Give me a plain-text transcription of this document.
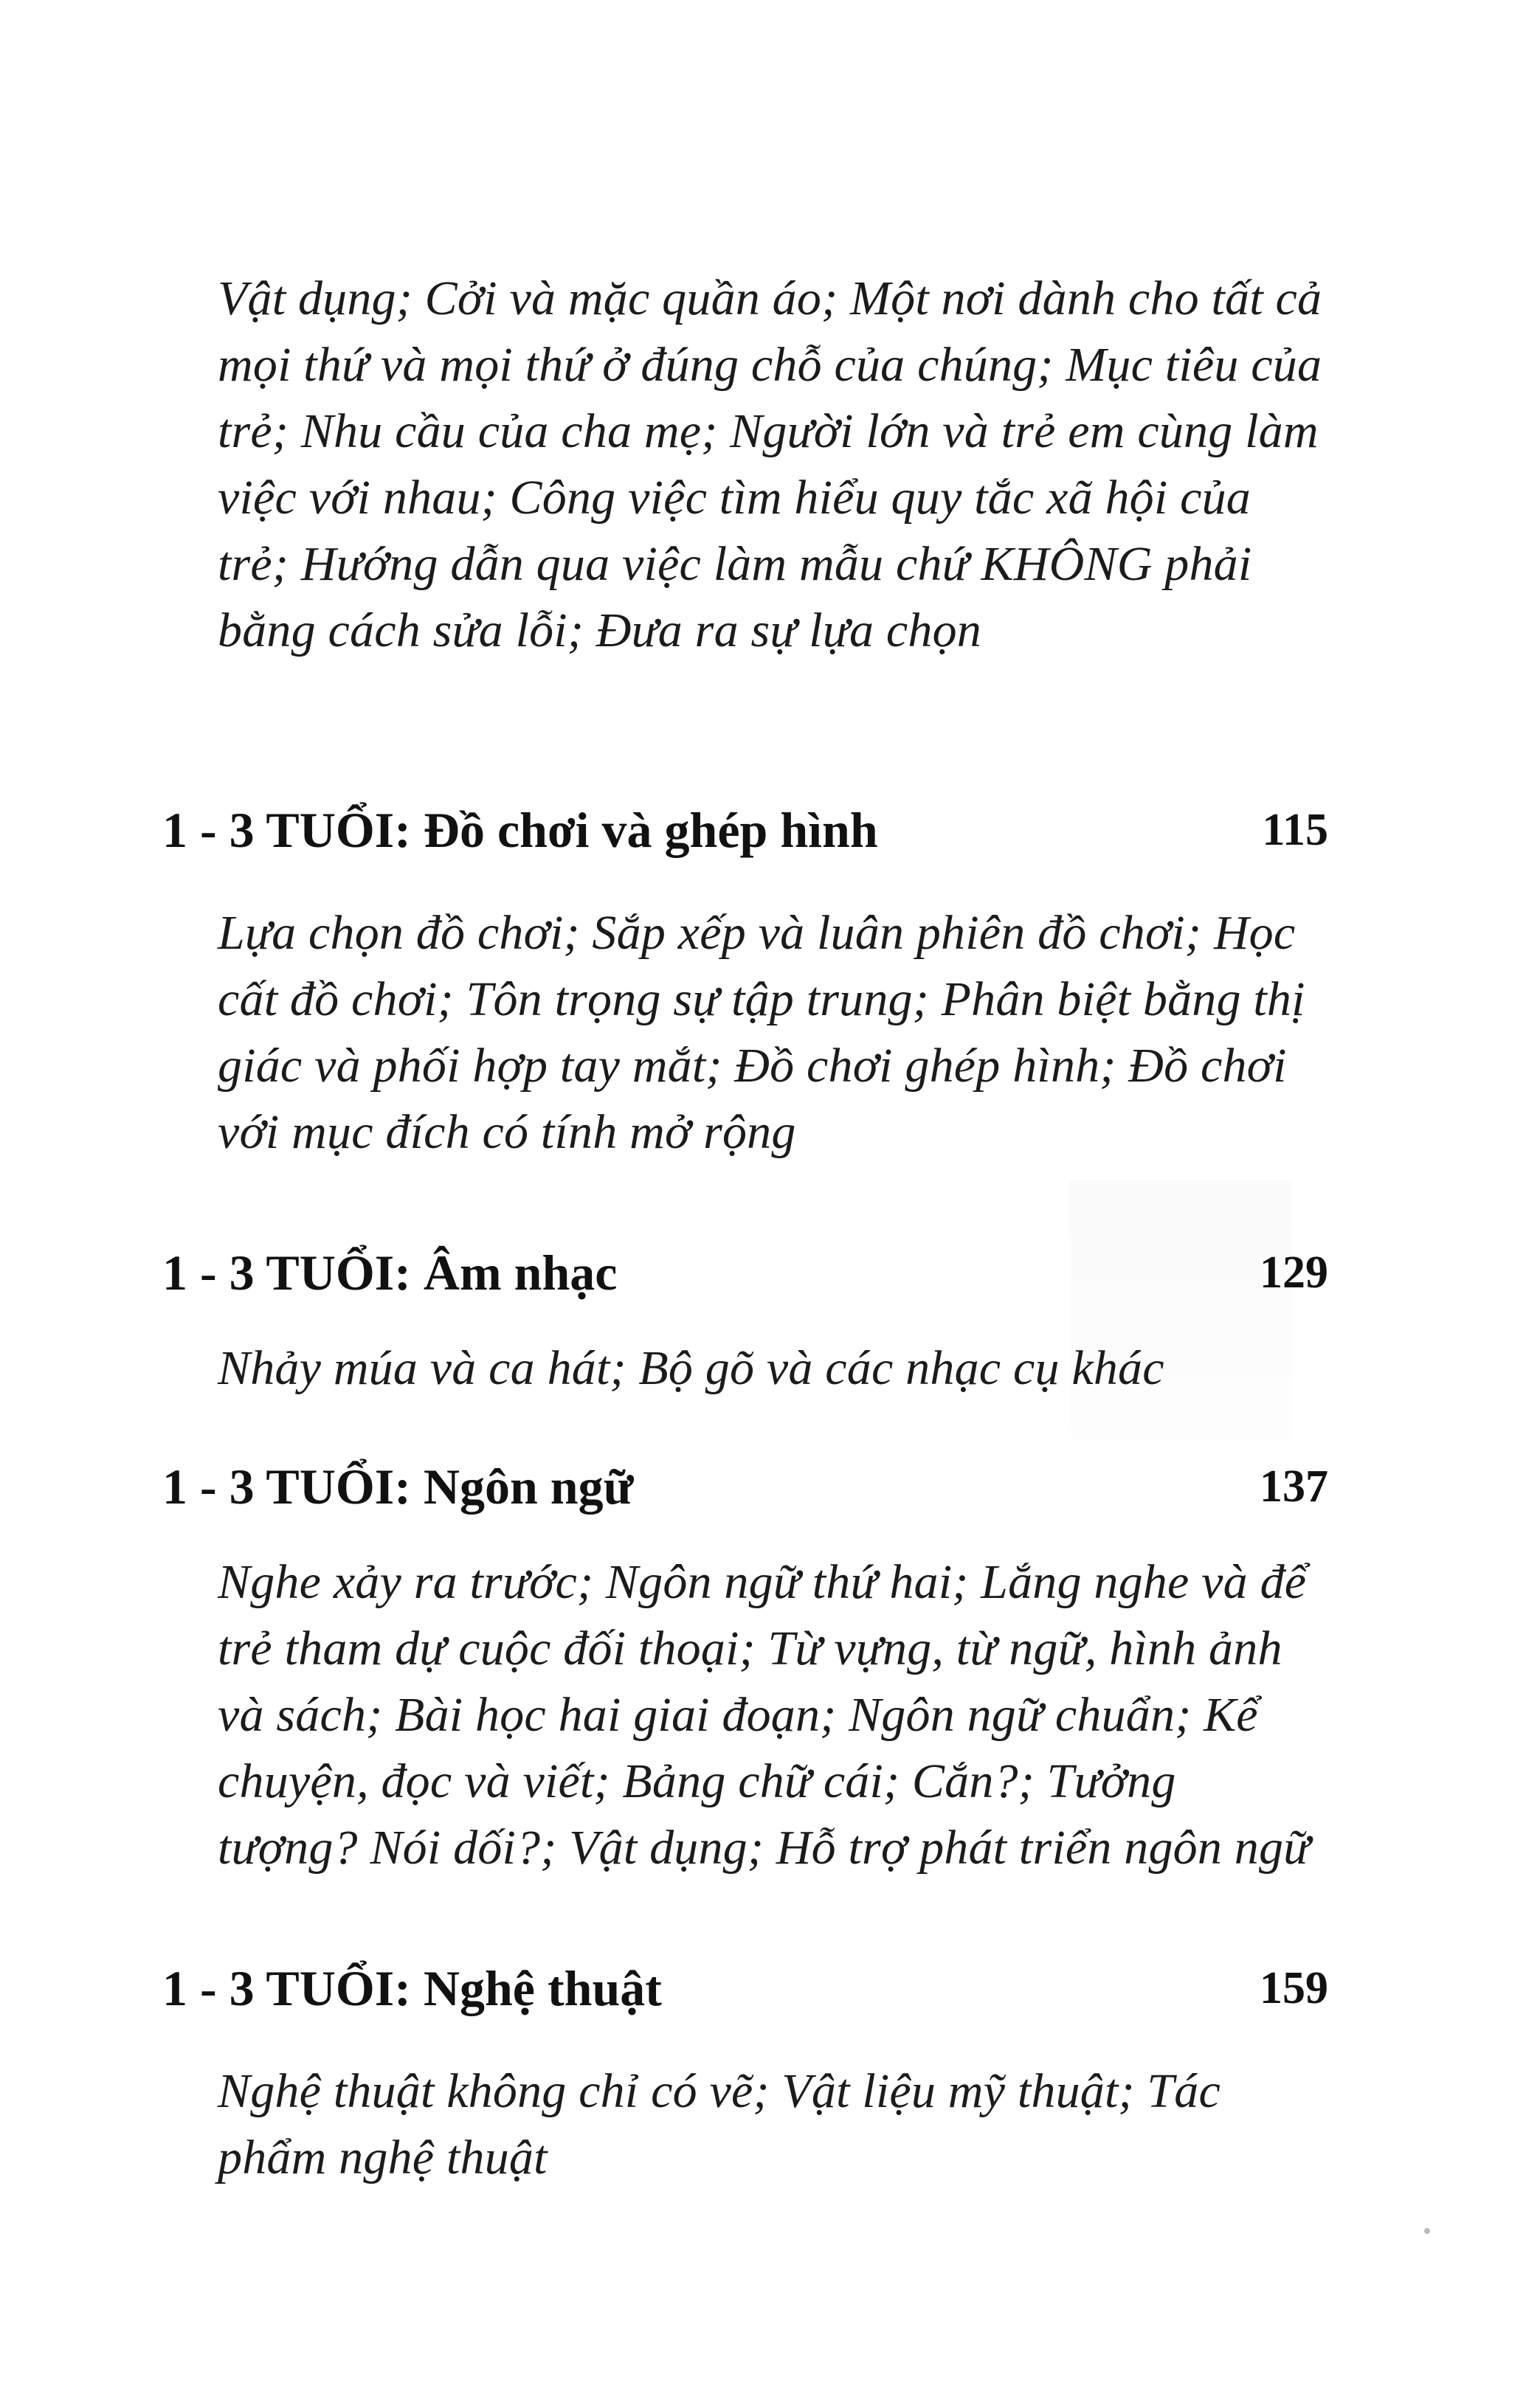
Vật dụng; Cởi và mặc quần áo; Một nơi dành cho tất cả mọi thứ và mọi thứ ở đúng chỗ của chúng; Mục tiêu của trẻ; Nhu cầu của cha mẹ; Người lớn và trẻ em cùng làm việc với nhau; Công việc tìm hiểu quy tắc xã hội của trẻ; Hướng dẫn qua việc làm mẫu chứ KHÔNG phải bằng cách sửa lỗi; Đưa ra sự lựa chọn

1 - 3 TUỔI: Đồ chơi và ghép hình	115

Lựa chọn đồ chơi; Sắp xếp và luân phiên đồ chơi; Học cất đồ chơi; Tôn trọng sự tập trung; Phân biệt bằng thị giác và phối hợp tay mắt; Đồ chơi ghép hình; Đồ chơi với mục đích có tính mở rộng

1 - 3 TUỔI: Âm nhạc	129

Nhảy múa và ca hát; Bộ gõ và các nhạc cụ khác

1 - 3 TUỔI: Ngôn ngữ	137

Nghe xảy ra trước; Ngôn ngữ thứ hai; Lắng nghe và để trẻ tham dự cuộc đối thoại; Từ vựng, từ ngữ, hình ảnh và sách; Bài học hai giai đoạn; Ngôn ngữ chuẩn; Kể chuyện, đọc và viết; Bảng chữ cái; Cắn?; Tưởng tượng? Nói dối?; Vật dụng; Hỗ trợ phát triển ngôn ngữ

1 - 3 TUỔI: Nghệ thuật	159

Nghệ thuật không chỉ có vẽ; Vật liệu mỹ thuật; Tác phẩm nghệ thuật
